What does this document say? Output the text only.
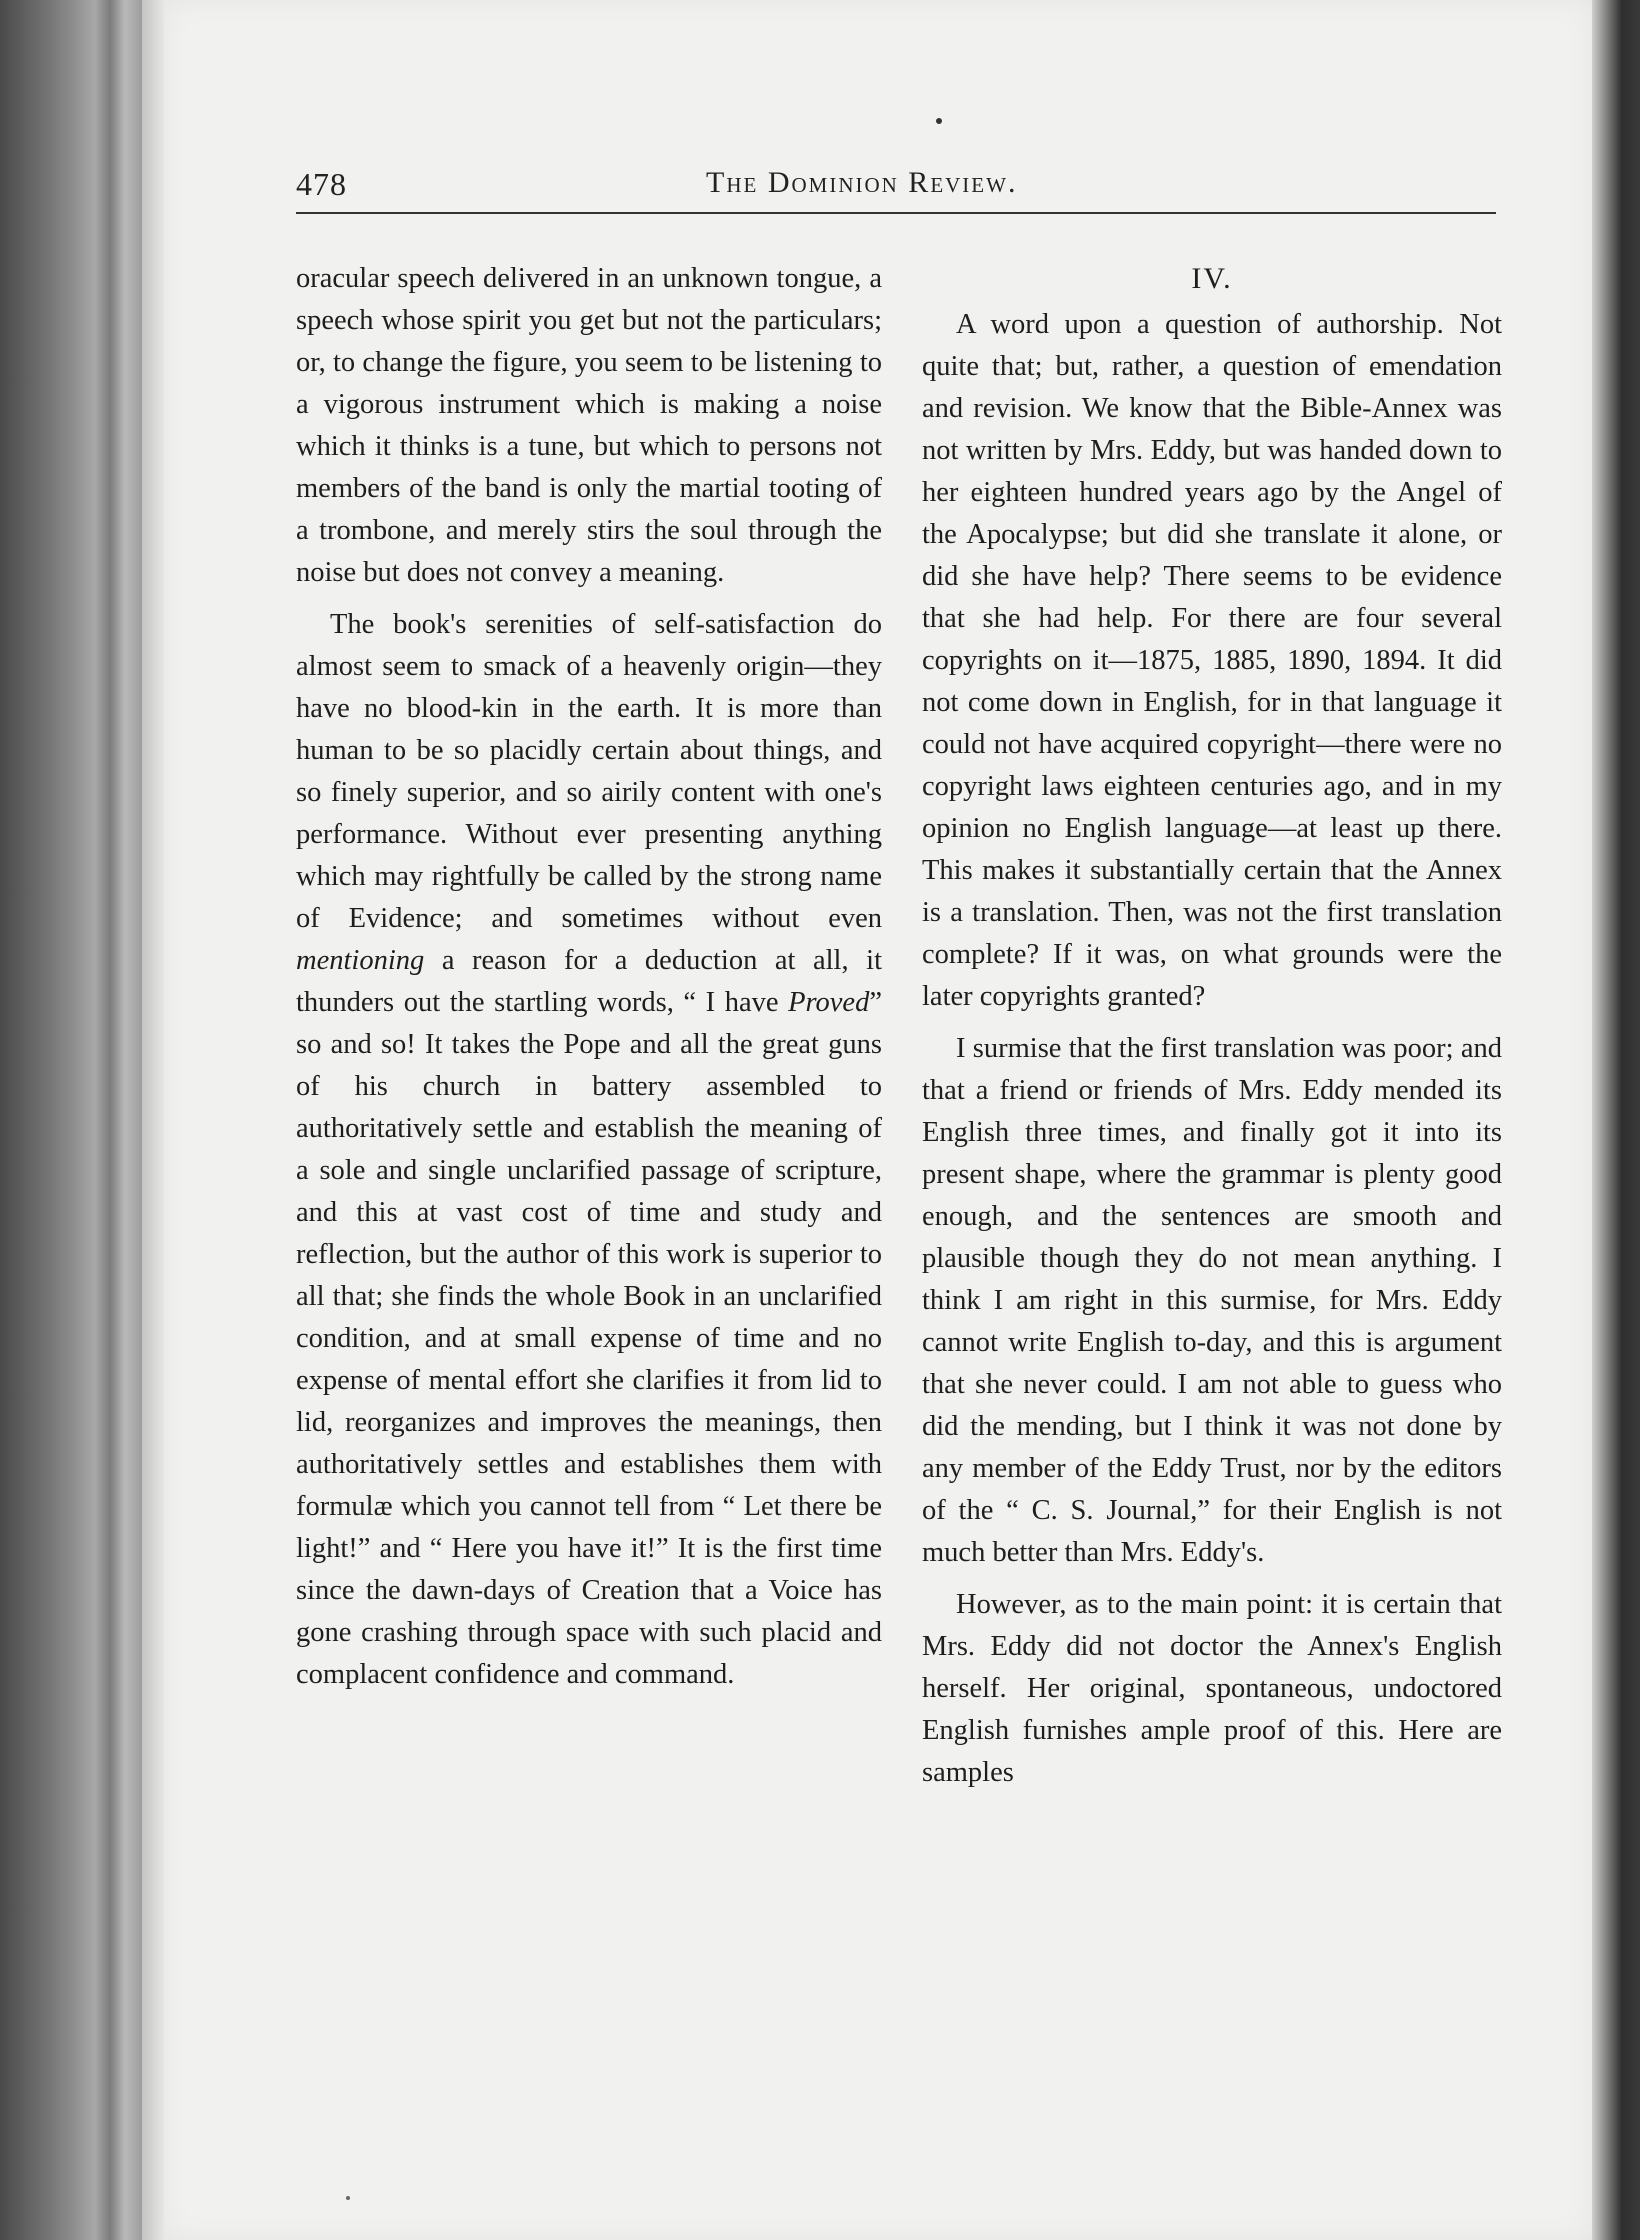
478	The Dominion Review.

oracular speech delivered in an unknown tongue, a speech whose spirit you get but not the particulars; or, to change the figure, you seem to be listening to a vigorous instrument which is making a noise which it thinks is a tune, but which to persons not members of the band is only the martial tooting of a trombone, and merely stirs the soul through the noise but does not convey a meaning.

The book's serenities of self-satisfaction do almost seem to smack of a heavenly origin—they have no blood-kin in the earth. It is more than human to be so placidly certain about things, and so finely superior, and so airily content with one's performance. Without ever presenting anything which may rightfully be called by the strong name of Evidence; and sometimes without even mentioning a reason for a deduction at all, it thunders out the startling words, “ I have Proved” so and so! It takes the Pope and all the great guns of his church in battery assembled to authoritatively settle and establish the meaning of a sole and single unclarified passage of scripture, and this at vast cost of time and study and reflection, but the author of this work is superior to all that; she finds the whole Book in an unclarified condition, and at small expense of time and no expense of mental effort she clarifies it from lid to lid, reorganizes and improves the meanings, then authoritatively settles and establishes them with formulæ which you cannot tell from “ Let there be light!” and “ Here you have it!” It is the first time since the dawn-days of Creation that a Voice has gone crashing through space with such placid and complacent confidence and command.

IV.

A word upon a question of authorship. Not quite that; but, rather, a question of emendation and revision. We know that the Bible-Annex was not written by Mrs. Eddy, but was handed down to her eighteen hundred years ago by the Angel of the Apocalypse; but did she translate it alone, or did she have help? There seems to be evidence that she had help. For there are four several copyrights on it—1875, 1885, 1890, 1894. It did not come down in English, for in that language it could not have acquired copyright—there were no copyright laws eighteen centuries ago, and in my opinion no English language—at least up there. This makes it substantially certain that the Annex is a translation. Then, was not the first translation complete? If it was, on what grounds were the later copyrights granted?

I surmise that the first translation was poor; and that a friend or friends of Mrs. Eddy mended its English three times, and finally got it into its present shape, where the grammar is plenty good enough, and the sentences are smooth and plausible though they do not mean anything. I think I am right in this surmise, for Mrs. Eddy cannot write English to-day, and this is argument that she never could. I am not able to guess who did the mending, but I think it was not done by any member of the Eddy Trust, nor by the editors of the “ C. S. Journal,” for their English is not much better than Mrs. Eddy's.

However, as to the main point: it is certain that Mrs. Eddy did not doctor the Annex's English herself. Her original, spontaneous, undoctored English furnishes ample proof of this. Here are samples
